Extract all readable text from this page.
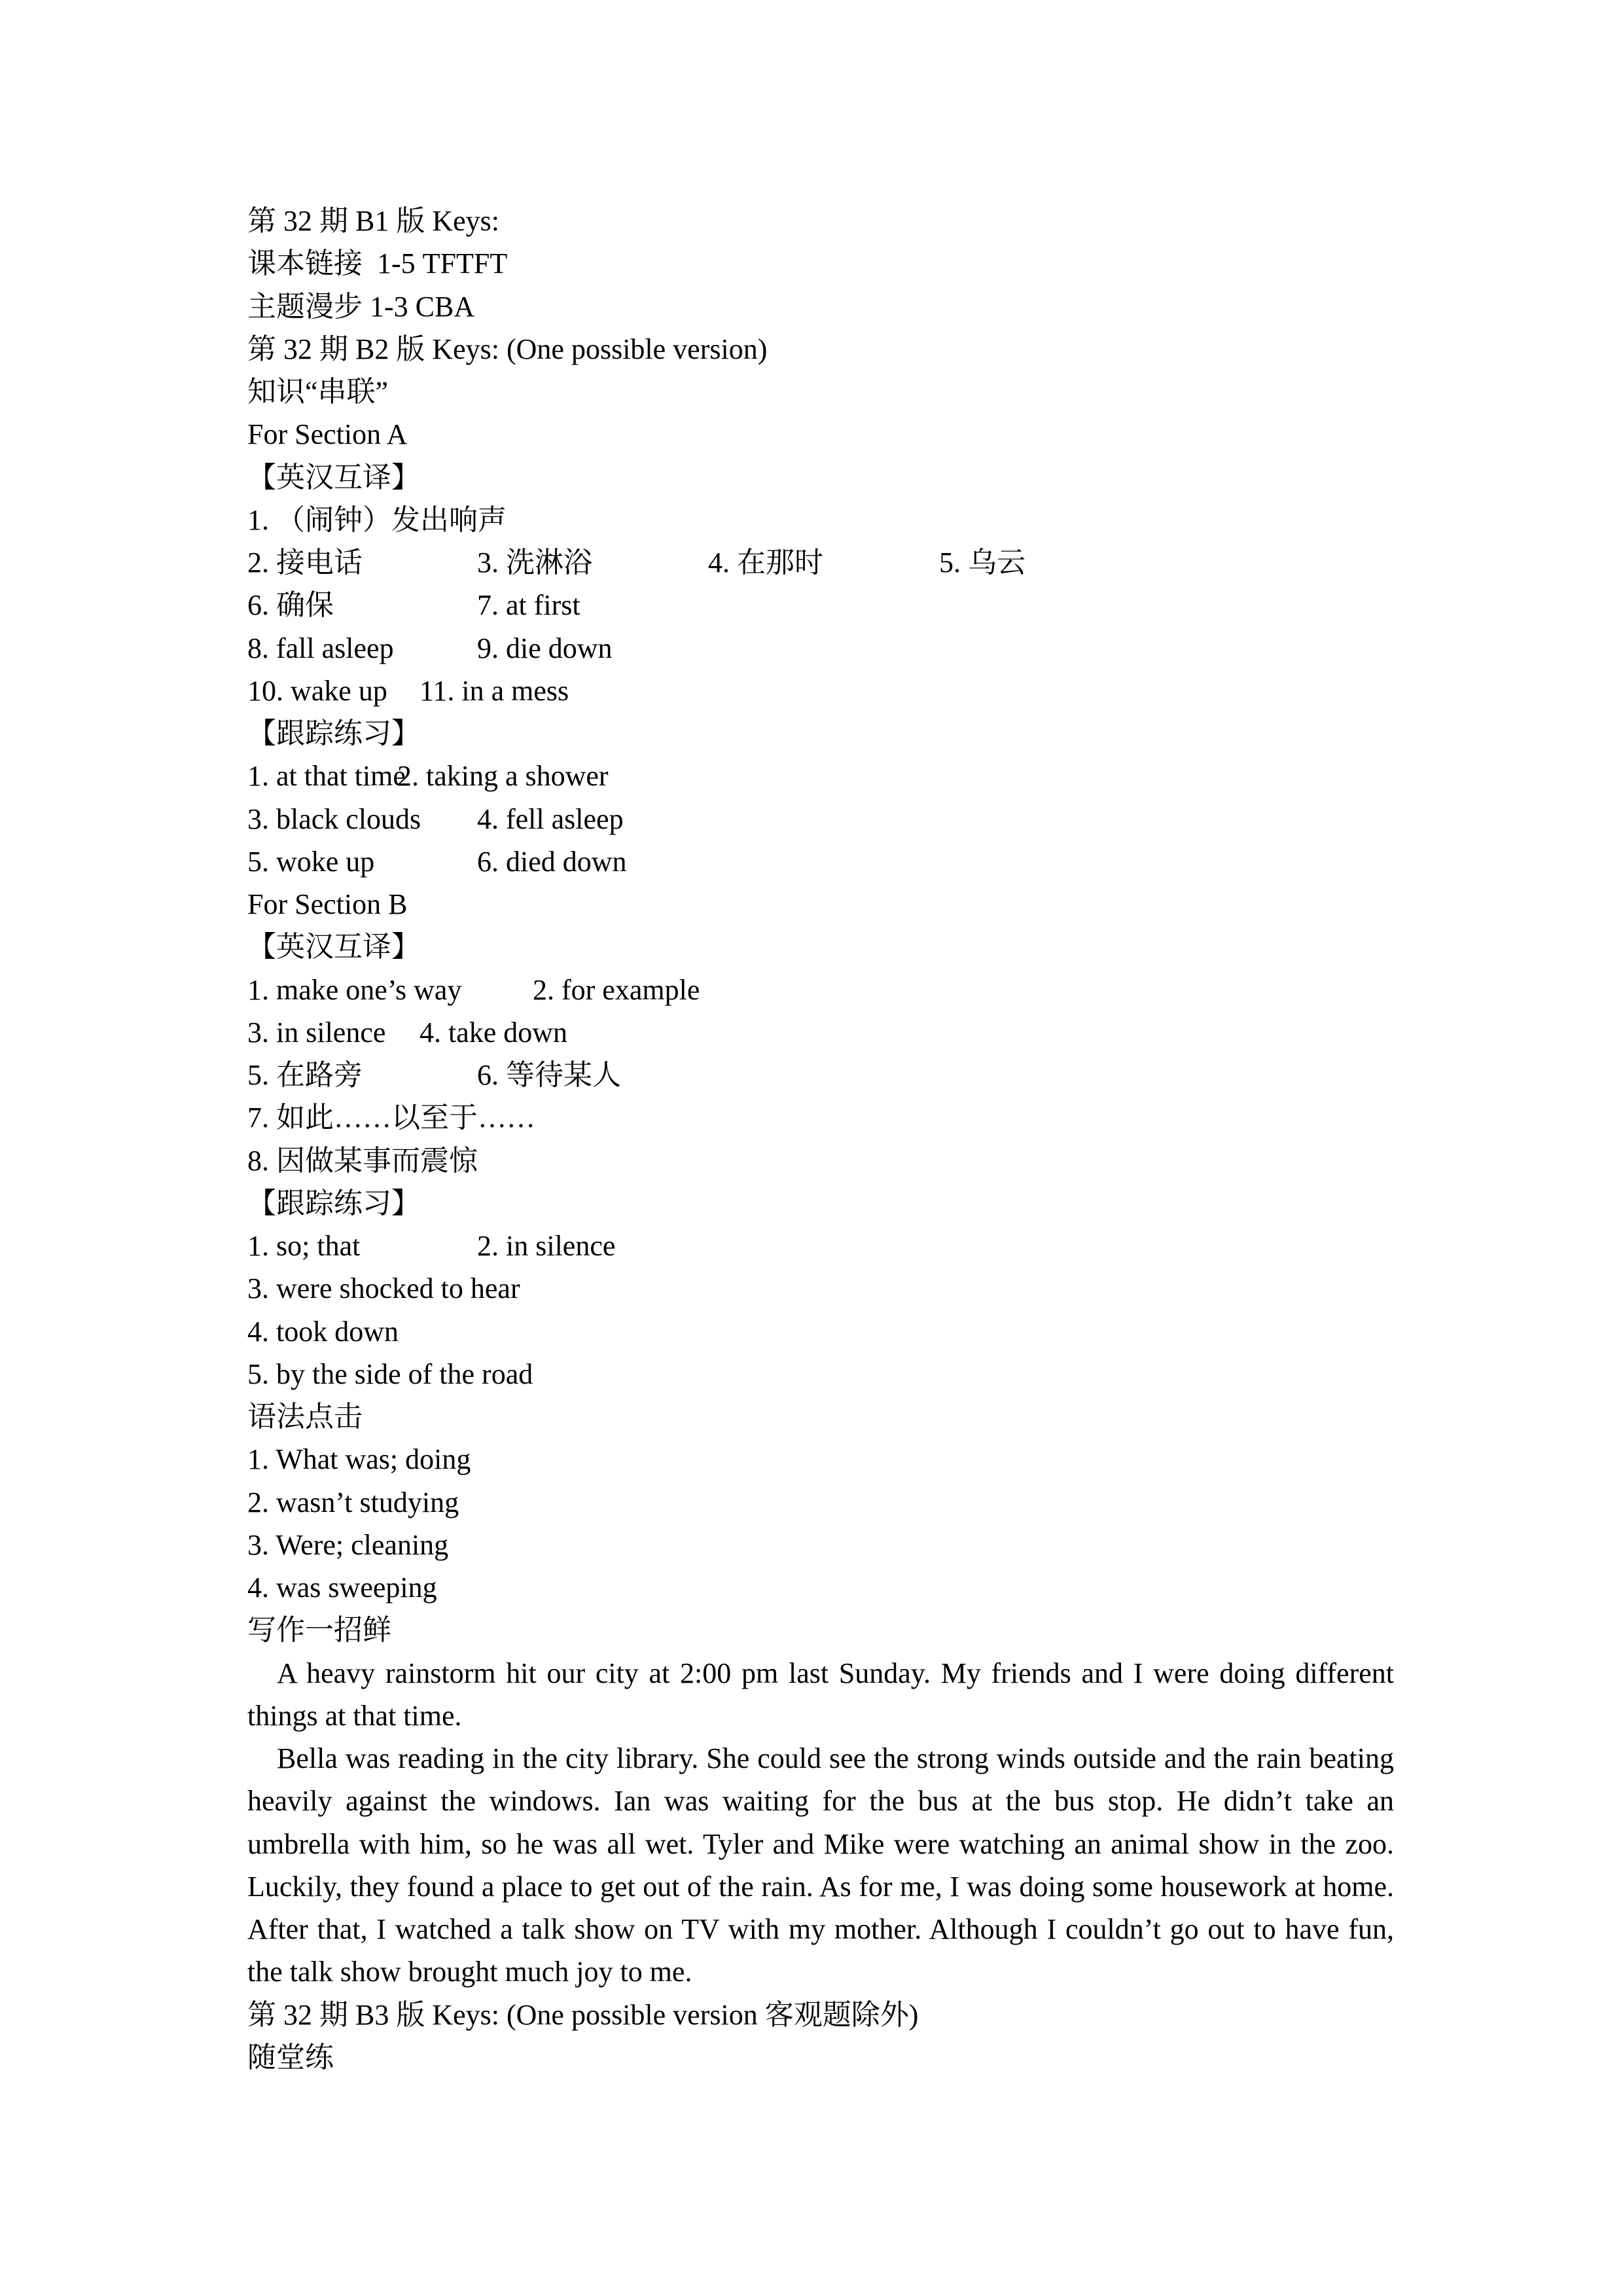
第 32 期 B1 版 Keys:
课本链接  1-5 TFTFT
主题漫步 1-3 CBA
第 32 期 B2 版 Keys: (One possible version)
知识“串联”
For Section A
【英汉互译】

1. （闹钟）发出响声

2. 接电话

	3. 洗淋浴

	4. 在那时

	5. 乌云

6. 确保

	7. at first

8. fall asleep

	9. die down

10. wake up

11. in a mess

【跟踪练习】

1. at that time

2. taking a shower

3. black clouds

4. fell asleep

5. woke up

	6. died down

For Section B
【英汉互译】

1. make one’s way

2. for example

3. in silence

4. take down

5. 在路旁

	6. 等待某人

7. 如此……以至于……

8. 因做某事而震惊

【跟踪练习】

1. so; that

	2. in silence

3. were shocked to hear

4. took down

5. by the side of the road

语法点击
1. What was; doing
2. wasn’t studying
3. Were; cleaning
4. was sweeping
写作一招鲜
A heavy rainstorm hit our city at 2:00 pm last Sunday. My friends and I were doing different
things at that time.
Bella was reading in the city library. She could see the strong winds outside and the rain beating
heavily against the windows. Ian was waiting for the bus at the bus stop. He didn’t take an
umbrella with him, so he was all wet. Tyler and Mike were watching an animal show in the zoo.
Luckily, they found a place to get out of the rain. As for me, I was doing some housework at home.
After that, I watched a talk show on TV with my mother. Although I couldn’t go out to have fun,
the talk show brought much joy to me.
第 32 期 B3 版 Keys: (One possible version 客观题除外)
随堂练
